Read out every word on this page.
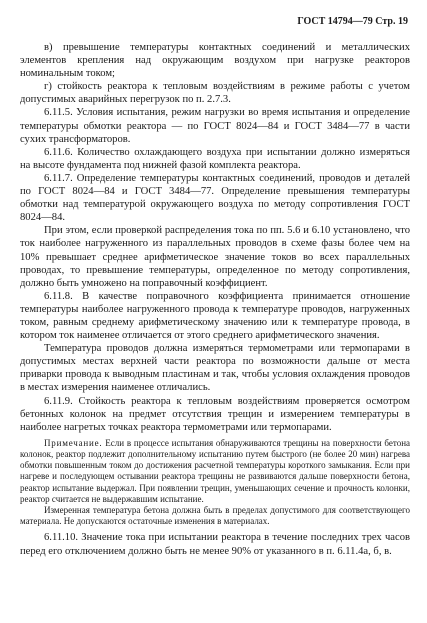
ГОСТ 14794—79 Стр. 19

в) превышение температуры контактных соединений и металлических элементов крепления над окружающим воздухом при нагрузке реакторов номинальным током;

г) стойкость реактора к тепловым воздействиям в режиме работы с учетом допустимых аварийных перегрузок по п. 2.7.3.

6.11.5. Условия испытания, режим нагрузки во время испытания и определение температуры обмотки реактора — по ГОСТ 8024—84 и ГОСТ 3484—77 в части сухих трансформаторов.

6.11.6. Количество охлаждающего воздуха при испытании должно измеряться на высоте фундамента под нижней фазой комплекта реактора.

6.11.7. Определение температуры контактных соединений, проводов и деталей по ГОСТ 8024—84 и ГОСТ 3484—77. Определение превышения температуры обмотки над температурой окружающего воздуха по методу сопротивления ГОСТ 8024—84.

При этом, если проверкой распределения тока по пп. 5.6 и 6.10 установлено, что ток наиболее нагруженного из параллельных проводов в схеме фазы более чем на 10% превышает среднее арифметическое значение токов во всех параллельных проводах, то превышение температуры, определенное по методу сопротивления, должно быть умножено на поправочный коэффициент.

6.11.8. В качестве поправочного коэффициента принимается отношение температуры наиболее нагруженного провода к температуре проводов, нагруженных током, равным среднему арифметическому значению или к температуре провода, в котором ток наименее отличается от этого среднего арифметического значения.

Температура проводов должна измеряться термометрами или термопарами в допустимых местах верхней части реактора по возможности дальше от места приварки провода к выводным пластинам и так, чтобы условия охлаждения проводов в местах измерения наименее отличались.

6.11.9. Стойкость реактора к тепловым воздействиям проверяется осмотром бетонных колонок на предмет отсутствия трещин и измерением температуры в наиболее нагретых точках реактора термометрами или термопарами.

Примечание. Если в процессе испытания обнаруживаются трещины на поверхности бетона колонок, реактор подлежит дополнительному испытанию путем быстрого (не более 20 мин) нагрева обмотки повышенным током до достижения расчетной температуры короткого замыкания. Если при нагреве и последующем остывании реактора трещины не развиваются дальше поверхности бетона, реактор испытание выдержал. При появлении трещин, уменьшающих сечение и прочность колонки, реактор считается не выдержавшим испытание.

Измеренная температура бетона должна быть в пределах допустимого для соответствующего материала. Не допускаются остаточные изменения в материалах.

6.11.10. Значение тока при испытании реактора в течение последних трех часов перед его отключением должно быть не менее 90% от указанного в п. 6.11.4а, б, в.
